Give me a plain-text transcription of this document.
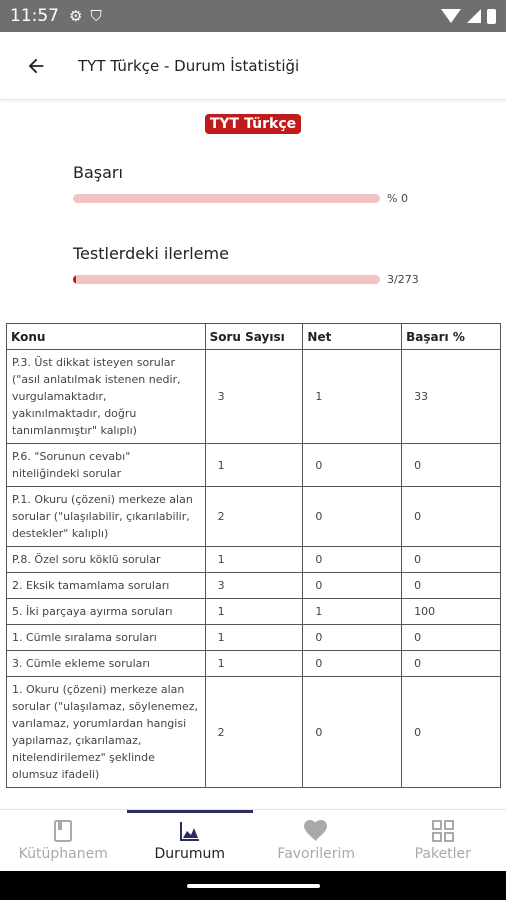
11:57 ⚙ ⛉
TYT Türkçe - Durum İstatistiği
TYT Türkçe
Başarı
% 0
Testlerdeki ilerleme
3/273
Konu	Soru Sayısı	Net	Başarı %
P.3. Üst dikkat isteyen sorular ("asıl anlatılmak istenen nedir, vurgulamaktadır, yakınılmaktadır, doğru tanımlanmıştır" kalıplı)	3	1	33
P.6. "Sorunun cevabı" niteliğindeki sorular	1	0	0
P.1. Okuru (çözeni) merkeze alan sorular ("ulaşılabilir, çıkarılabilir, destekler" kalıplı)	2	0	0
P.8. Özel soru köklü sorular	1	0	0
2. Eksik tamamlama soruları	3	0	0
5. İki parçaya ayırma soruları	1	1	100
1. Cümle sıralama soruları	1	0	0
3. Cümle ekleme soruları	1	0	0
1. Okuru (çözeni) merkeze alan sorular ("ulaşılamaz, söylenemez, varılamaz, yorumlardan hangisi yapılamaz, çıkarılamaz, nitelendirilemez" şeklinde olumsuz ifadeli)	2	0	0
Kütüphanem	Durumum	Favorilerim	Paketler
